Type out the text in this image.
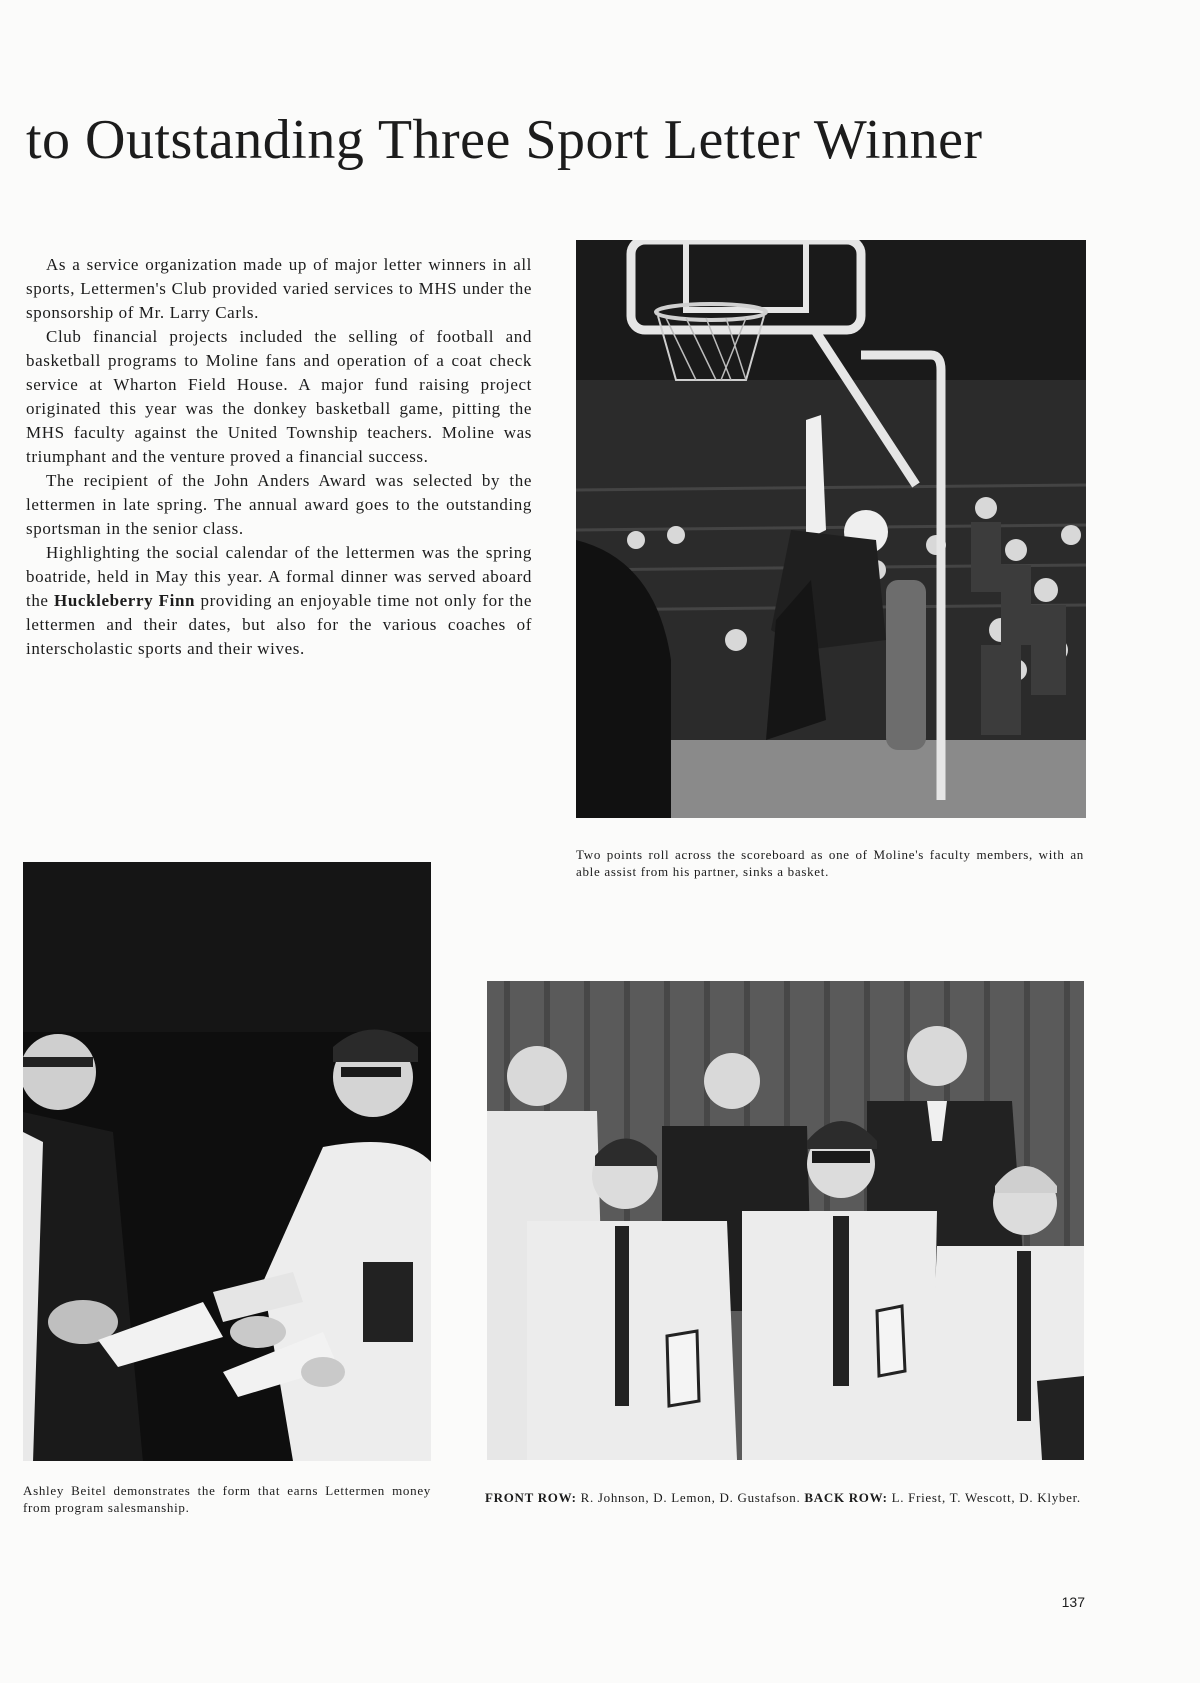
to Outstanding Three Sport Letter Winner

As a service organization made up of major letter winners in all sports, Lettermen's Club provided varied services to MHS under the sponsorship of Mr. Larry Carls.

Club financial projects included the selling of football and basketball programs to Moline fans and operation of a coat check service at Wharton Field House. A major fund raising project originated this year was the donkey basketball game, pitting the MHS faculty against the United Township teachers. Moline was triumphant and the venture proved a financial success.

The recipient of the John Anders Award was selected by the lettermen in late spring. The annual award goes to the outstanding sportsman in the senior class.

Highlighting the social calendar of the lettermen was the spring boatride, held in May this year. A formal dinner was served aboard the Huckleberry Finn providing an enjoyable time not only for the lettermen and their dates, but also for the various coaches of interscholastic sports and their wives.

Two points roll across the scoreboard as one of Moline's faculty members, with an able assist from his partner, sinks a basket.
Ashley Beitel demonstrates the form that earns Lettermen money from program salesmanship.
FRONT ROW: R. Johnson, D. Lemon, D. Gustafson. BACK ROW: L. Friest, T. Wescott, D. Klyber.
137
